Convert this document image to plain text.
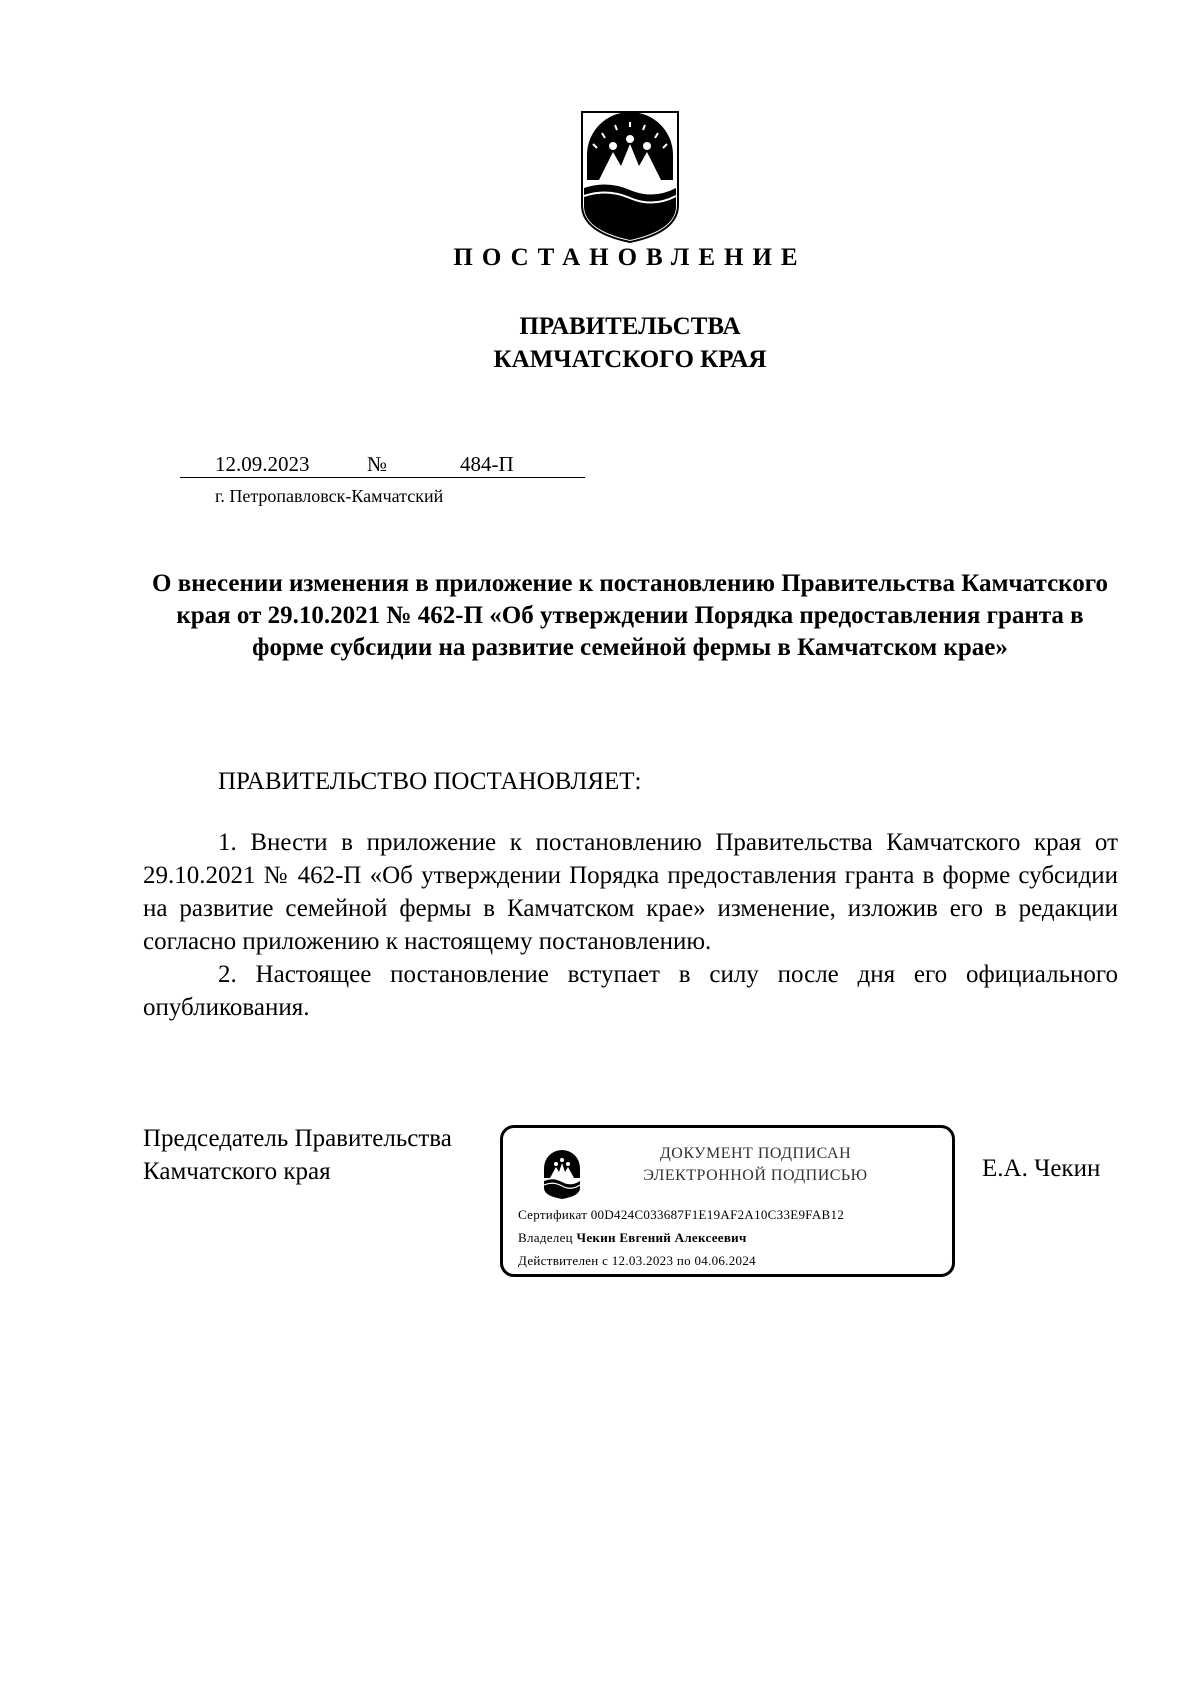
ПОСТАНОВЛЕНИЕ
ПРАВИТЕЛЬСТВА
КАМЧАТСКОГО КРАЯ
12.09.2023	№	484-П
г. Петропавловск-Камчатский
О внесении изменения в приложение к постановлению Правительства Камчатского края от 29.10.2021 № 462-П «Об утверждении Порядка предоставления гранта в форме субсидии на развитие семейной фермы в Камчатском крае»
ПРАВИТЕЛЬСТВО ПОСТАНОВЛЯЕТ:

1. Внести в приложение к постановлению Правительства Камчатского края от 29.10.2021 № 462-П «Об утверждении Порядка предоставления гранта в форме субсидии на развитие семейной фермы в Камчатском крае» изменение, изложив его в редакции согласно приложению к настоящему постановлению.

2. Настоящее постановление вступает в силу после дня его официального опубликования.

Председатель Правительства
Камчатского края	Е.А. Чекин
ДОКУМЕНТ ПОДПИСАН
ЭЛЕКТРОННОЙ ПОДПИСЬЮ
Сертификат 00D424C033687F1E19AF2A10C33E9FAB12
Владелец Чекин Евгений Алексеевич
Действителен с 12.03.2023 по 04.06.2024
